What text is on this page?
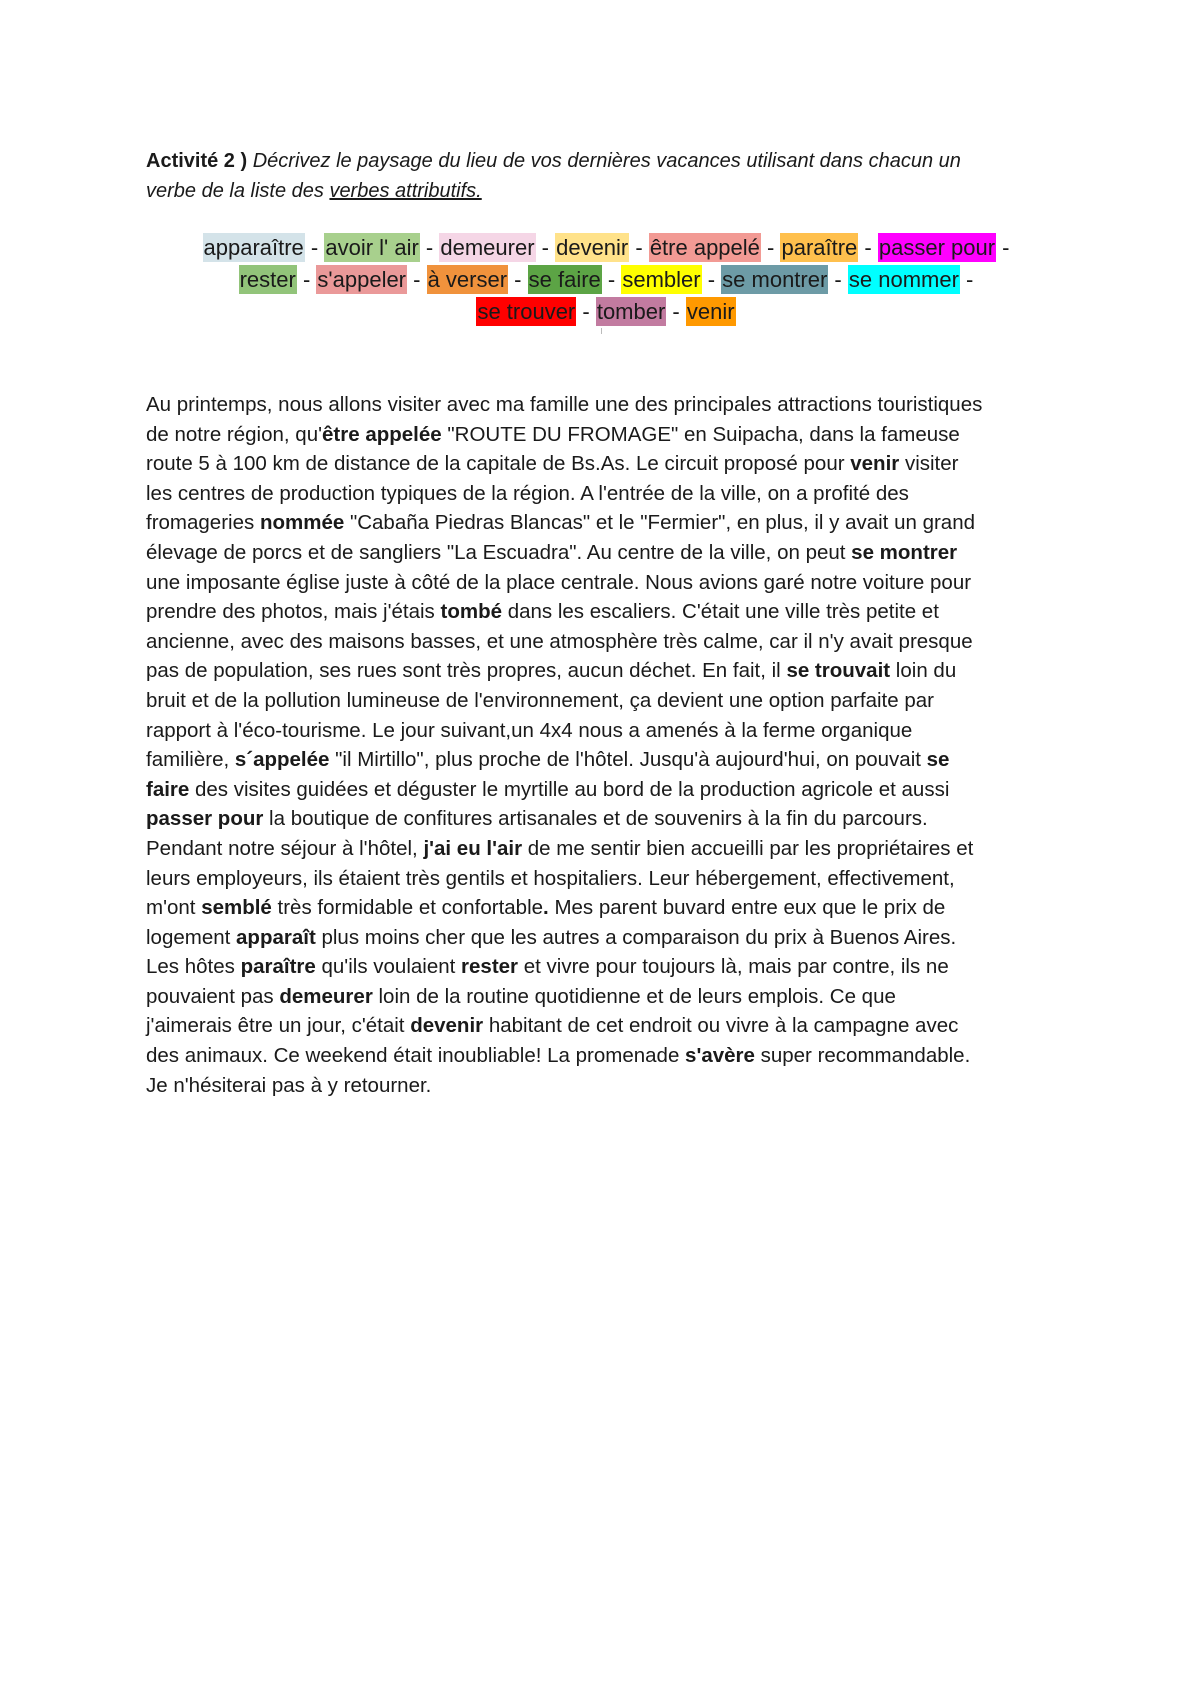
Activité 2 ) Décrivez le paysage du lieu de vos dernières vacances utilisant dans chacun un
verbe de la liste des verbes attributifs.
apparaître - avoir l' air - demeurer - devenir - être appelé - paraître - passer pour -
rester - s'appeler - à verser - se faire - sembler - se montrer - se nommer -
se trouver - tomber - venir
Au printemps, nous allons visiter avec ma famille une des principales attractions touristiques
de notre région, qu'être appelée "ROUTE DU FROMAGE" en Suipacha, dans la fameuse
route 5 à 100 km de distance de la capitale de Bs.As. Le circuit proposé pour venir visiter
les centres de production typiques de la région. A l'entrée de la ville, on a profité des
fromageries nommée "Cabaña Piedras Blancas" et le "Fermier", en plus, il y avait un grand
élevage de porcs et de sangliers "La Escuadra". Au centre de la ville, on peut se montrer
une imposante église juste à côté de la place centrale. Nous avions garé notre voiture pour
prendre des photos, mais j'étais tombé dans les escaliers. C'était une ville très petite et
ancienne, avec des maisons basses, et une atmosphère très calme, car il n'y avait presque
pas de population, ses rues sont très propres, aucun déchet. En fait, il se trouvait loin du
bruit et de la pollution lumineuse de l'environnement, ça devient une option parfaite par
rapport à l'éco-tourisme. Le jour suivant,un 4x4 nous a amenés à la ferme organique
familière, s´appelée "il Mirtillo", plus proche de l'hôtel. Jusqu'à aujourd'hui, on pouvait se
faire des visites guidées et déguster le myrtille au bord de la production agricole et aussi
passer pour la boutique de confitures artisanales et de souvenirs à la fin du parcours.
Pendant notre séjour à l'hôtel, j'ai eu l'air de me sentir bien accueilli par les propriétaires et
leurs employeurs, ils étaient très gentils et hospitaliers. Leur hébergement, effectivement,
m'ont semblé très formidable et confortable. Mes parent buvard entre eux que le prix de
logement apparaît plus moins cher que les autres a comparaison du prix à Buenos Aires.
Les hôtes paraître qu'ils voulaient rester et vivre pour toujours là, mais par contre, ils ne
pouvaient pas demeurer loin de la routine quotidienne et de leurs emplois. Ce que
j'aimerais être un jour, c'était devenir habitant de cet endroit ou vivre à la campagne avec
des animaux. Ce weekend était inoubliable! La promenade s'avère super recommandable.
Je n'hésiterai pas à y retourner.
